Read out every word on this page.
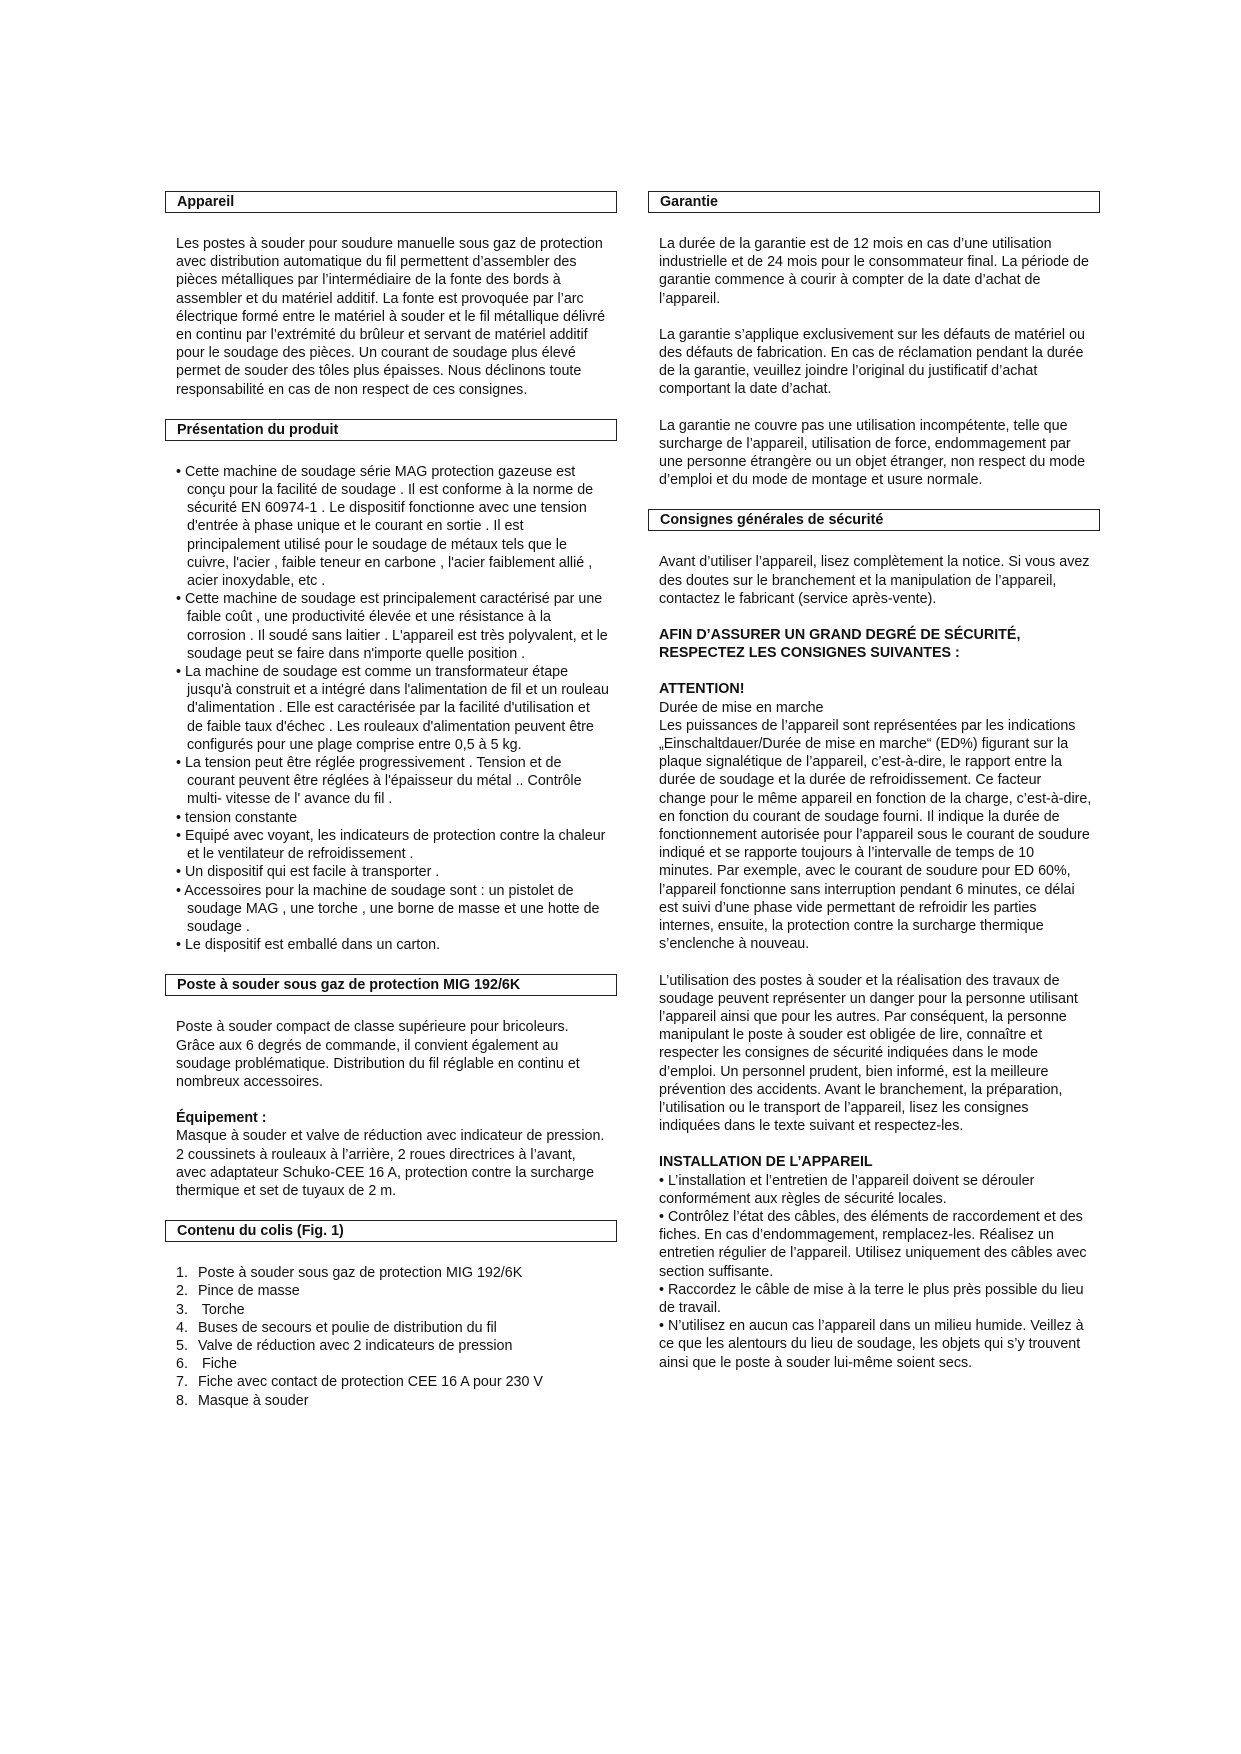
Appareil

Les postes à souder pour soudure manuelle sous gaz de protection avec distribution automatique du fil permettent d’assembler des pièces métalliques par l’intermédiaire de la fonte des bords à assembler et du matériel additif. La fonte est provoquée par l’arc électrique formé entre le matériel à souder et le fil métallique délivré en continu par l’extrémité du brûleur et servant de matériel additif pour le soudage des pièces. Un courant de soudage plus élevé permet de souder des tôles plus épaisses. Nous déclinons toute responsabilité en cas de non respect de ces consignes.

Présentation du produit
• Cette machine de soudage série MAG protection gazeuse est conçu pour la facilité de soudage . Il est conforme à la norme de sécurité EN 60974-1 . Le dispositif fonctionne avec une tension d'entrée à phase unique et le courant en sortie . Il est principalement utilisé pour le soudage de métaux tels que le cuivre, l'acier , faible teneur en carbone , l'acier faiblement allié , acier inoxydable, etc .
• Cette machine de soudage est principalement caractérisé par une faible coût , une productivité élevée et une résistance à la corrosion . Il soudé sans laitier . L'appareil est très polyvalent, et le soudage peut se faire dans n'importe quelle position .
• La machine de soudage est comme un transformateur étape jusqu'à construit et a intégré dans l'alimentation de fil et un rouleau d'alimentation . Elle est caractérisée par la facilité d'utilisation et de faible taux d'échec . Les rouleaux d'alimentation peuvent être configurés pour une plage comprise entre 0,5 à 5 kg.
• La tension peut être réglée progressivement . Tension et de courant peuvent être réglées à l'épaisseur du métal .. Contrôle multi- vitesse de l' avance du fil .
• tension constante
• Equipé avec voyant, les indicateurs de protection contre la chaleur et le ventilateur de refroidissement .
• Un dispositif qui est facile à transporter .
• Accessoires pour la machine de soudage sont : un pistolet de soudage MAG , une torche , une borne de masse et une hotte de soudage .
• Le dispositif est emballé dans un carton.
Poste à souder sous gaz de protection MIG 192/6K

Poste à souder compact de classe supérieure pour bricoleurs. Grâce aux 6 degrés de commande, il convient également au soudage problématique. Distribution du fil réglable en continu et nombreux accessoires.

Équipement :

Masque à souder et valve de réduction avec indicateur de pression. 2 coussinets à rouleaux à l’arrière, 2 roues directrices à l’avant, avec adaptateur Schuko-CEE 16 A, protection contre la surcharge thermique et set de tuyaux de 2 m.

Contenu du colis (Fig. 1)
1. Poste à souder sous gaz de protection MIG 192/6K
2. Pince de masse
3. Torche
4. Buses de secours et poulie de distribution du fil
5. Valve de réduction avec 2 indicateurs de pression
6. Fiche
7. Fiche avec contact de protection CEE 16 A pour 230 V
8. Masque à souder
Garantie

La durée de la garantie est de 12 mois en cas d’une utilisation industrielle et de 24 mois pour le consommateur final. La période de garantie commence à courir à compter de la date d’achat de l’appareil.

La garantie s’applique exclusivement sur les défauts de matériel ou des défauts de fabrication. En cas de réclamation pendant la durée de la garantie, veuillez joindre l’original du justificatif d’achat comportant la date d’achat.

La garantie ne couvre pas une utilisation incompétente, telle que surcharge de l’appareil, utilisation de force, endommagement par une personne étrangère ou un objet étranger, non respect du mode d’emploi et du mode de montage et usure normale.

Consignes générales de sécurité

Avant d’utiliser l’appareil, lisez complètement la notice. Si vous avez des doutes sur le branchement et la manipulation de l’appareil, contactez le fabricant (service après-vente).

AFIN D’ASSURER UN GRAND DEGRÉ DE SÉCURITÉ, RESPECTEZ LES CONSIGNES SUIVANTES :

ATTENTION!

Durée de mise en marche

Les puissances de l’appareil sont représentées par les indications „Einschaltdauer/Durée de mise en marche“ (ED%) figurant sur la plaque signalétique de l’appareil, c’est-à-dire, le rapport entre la durée de soudage et la durée de refroidissement. Ce facteur change pour le même appareil en fonction de la charge, c’est-à-dire, en fonction du courant de soudage fourni. Il indique la durée de fonctionnement autorisée pour l’appareil sous le courant de soudure indiqué et se rapporte toujours à l’intervalle de temps de 10 minutes. Par exemple, avec le courant de soudure pour ED 60%, l’appareil fonctionne sans interruption pendant 6 minutes, ce délai est suivi d’une phase vide permettant de refroidir les parties internes, ensuite, la protection contre la surcharge thermique s’enclenche à nouveau.

L’utilisation des postes à souder et la réalisation des travaux de soudage peuvent représenter un danger pour la personne utilisant l’appareil ainsi que pour les autres. Par conséquent, la personne manipulant le poste à souder est obligée de lire, connaître et respecter les consignes de sécurité indiquées dans le mode d’emploi. Un personnel prudent, bien informé, est la meilleure prévention des accidents. Avant le branchement, la préparation, l’utilisation ou le transport de l’appareil, lisez les consignes indiquées dans le texte suivant et respectez-les.

INSTALLATION DE L’APPAREIL

• L’installation et l’entretien de l’appareil doivent se dérouler conformément aux règles de sécurité locales.

• Contrôlez l’état des câbles, des éléments de raccordement et des fiches. En cas d’endommagement, remplacez-les. Réalisez un entretien régulier de l’appareil. Utilisez uniquement des câbles avec section suffisante.

• Raccordez le câble de mise à la terre le plus près possible du lieu de travail.

• N’utilisez en aucun cas l’appareil dans un milieu humide. Veillez à ce que les alentours du lieu de soudage, les objets qui s’y trouvent ainsi que le poste à souder lui-même soient secs.
